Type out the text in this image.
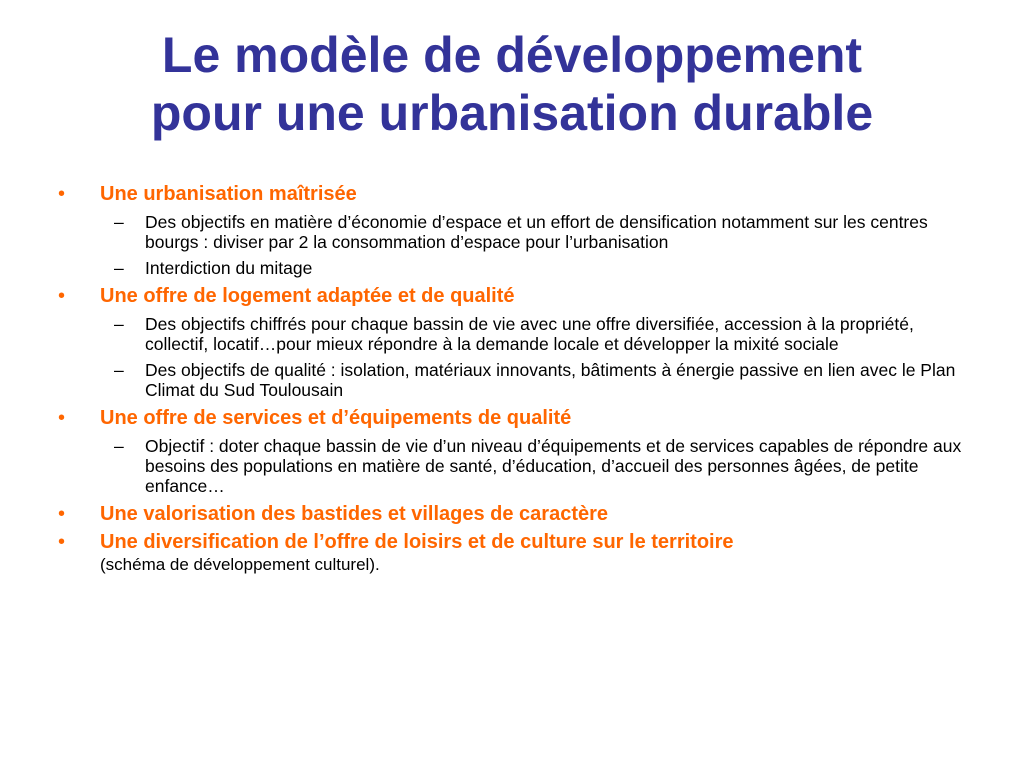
Le modèle de développement
pour une urbanisation durable
•	Une urbanisation maîtrisée
–	Des objectifs en matière d’économie d’espace et un effort de densification notamment sur les centres bourgs : diviser par 2 la consommation d’espace pour l’urbanisation
–	Interdiction du mitage
•	Une offre de logement adaptée et de qualité
–	Des objectifs chiffrés pour chaque bassin de vie avec une offre diversifiée, accession à la propriété, collectif, locatif…pour mieux répondre à la demande locale et développer la mixité sociale
–	Des objectifs de qualité : isolation, matériaux innovants, bâtiments à énergie passive en lien avec le Plan Climat du Sud Toulousain
•	Une offre de services et d’équipements de qualité
–	Objectif : doter chaque bassin de vie d’un niveau d’équipements et de services capables de répondre aux besoins des populations en matière de santé, d’éducation, d’accueil des personnes âgées, de petite enfance…
•	Une valorisation des bastides et villages de caractère
•	Une diversification de l’offre de loisirs et de culture sur le territoire
(schéma de développement culturel).
